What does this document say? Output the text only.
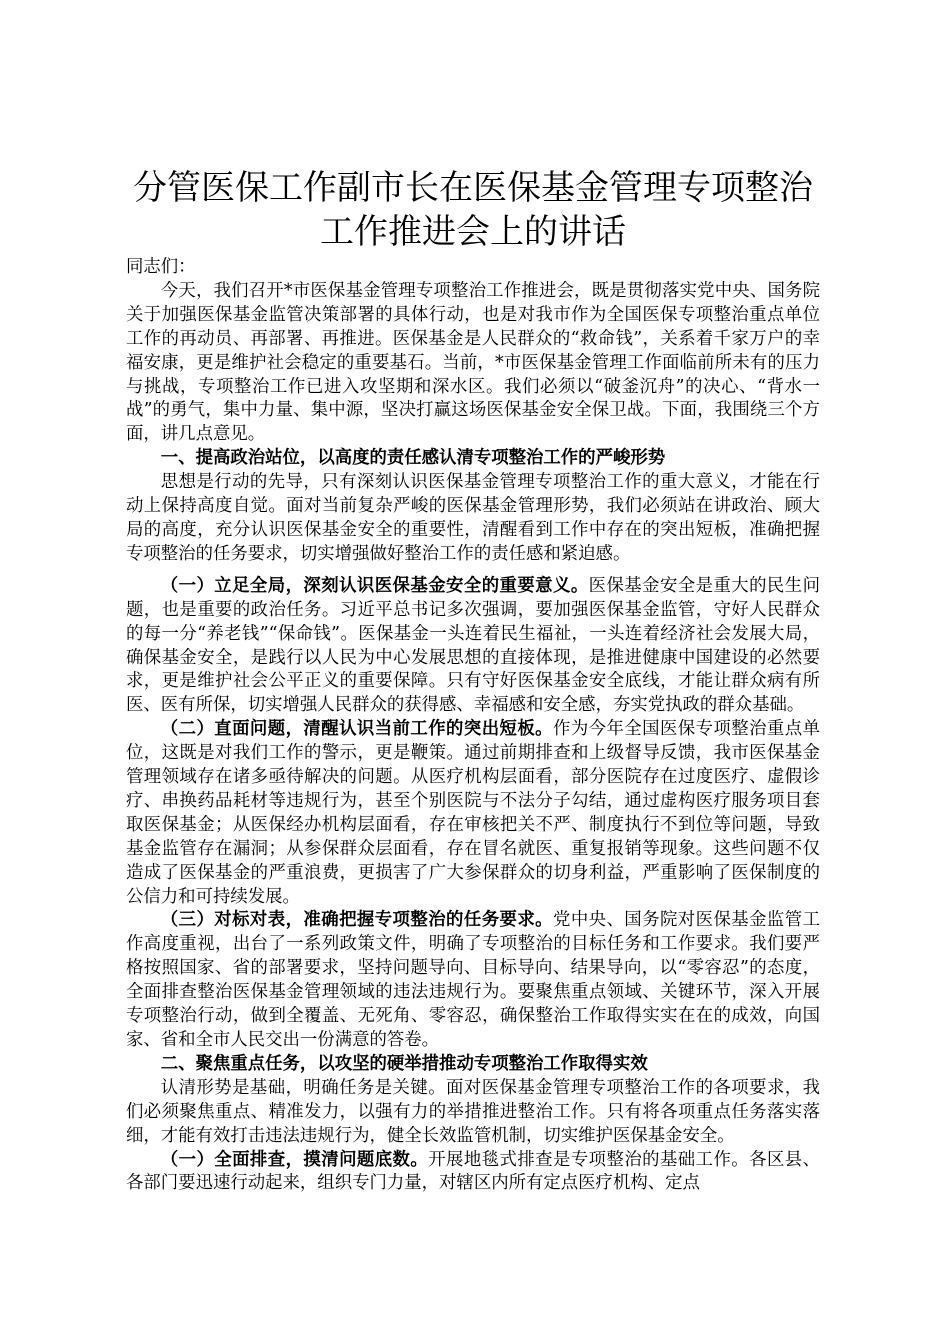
分管医保工作副市长在医保基金管理专项整治
工作推进会上的讲话

同志们：

今天，我们召开*市医保基金管理专项整治工作推进会，既是贯彻落实党中央、国务院关于加强医保基金监管决策部署的具体行动，也是对我市作为全国医保专项整治重点单位工作的再动员、再部署、再推进。医保基金是人民群众的“救命钱”，关系着千家万户的幸福安康，更是维护社会稳定的重要基石。当前，*市医保基金管理工作面临前所未有的压力与挑战，专项整治工作已进入攻坚期和深水区。我们必须以“破釜沉舟”的决心、“背水一战”的勇气，集中力量、集中源，坚决打赢这场医保基金安全保卫战。下面，我围绕三个方面，讲几点意见。

一、提高政治站位，以高度的责任感认清专项整治工作的严峻形势

思想是行动的先导，只有深刻认识医保基金管理专项整治工作的重大意义，才能在行动上保持高度自觉。面对当前复杂严峻的医保基金管理形势，我们必须站在讲政治、顾大局的高度，充分认识医保基金安全的重要性，清醒看到工作中存在的突出短板，准确把握专项整治的任务要求，切实增强做好整治工作的责任感和紧迫感。

（一）立足全局，深刻认识医保基金安全的重要意义。医保基金安全是重大的民生问题，也是重要的政治任务。习近平总书记多次强调，要加强医保基金监管，守好人民群众的每一分“养老钱”“保命钱”。医保基金一头连着民生福祉，一头连着经济社会发展大局，确保基金安全，是践行以人民为中心发展思想的直接体现，是推进健康中国建设的必然要求，更是维护社会公平正义的重要保障。只有守好医保基金安全底线，才能让群众病有所医、医有所保，切实增强人民群众的获得感、幸福感和安全感，夯实党执政的群众基础。

（二）直面问题，清醒认识当前工作的突出短板。作为今年全国医保专项整治重点单位，这既是对我们工作的警示，更是鞭策。通过前期排查和上级督导反馈，我市医保基金管理领域存在诸多亟待解决的问题。从医疗机构层面看，部分医院存在过度医疗、虚假诊疗、串换药品耗材等违规行为，甚至个别医院与不法分子勾结，通过虚构医疗服务项目套取医保基金；从医保经办机构层面看，存在审核把关不严、制度执行不到位等问题，导致基金监管存在漏洞；从参保群众层面看，存在冒名就医、重复报销等现象。这些问题不仅造成了医保基金的严重浪费，更损害了广大参保群众的切身利益，严重影响了医保制度的公信力和可持续发展。

（三）对标对表，准确把握专项整治的任务要求。党中央、国务院对医保基金监管工作高度重视，出台了一系列政策文件，明确了专项整治的目标任务和工作要求。我们要严格按照国家、省的部署要求，坚持问题导向、目标导向、结果导向，以“零容忍”的态度，全面排查整治医保基金管理领域的违法违规行为。要聚焦重点领域、关键环节，深入开展专项整治行动，做到全覆盖、无死角、零容忍，确保整治工作取得实实在在的成效，向国家、省和全市人民交出一份满意的答卷。

二、聚焦重点任务，以攻坚的硬举措推动专项整治工作取得实效

认清形势是基础，明确任务是关键。面对医保基金管理专项整治工作的各项要求，我们必须聚焦重点、精准发力，以强有力的举措推进整治工作。只有将各项重点任务落实落细，才能有效打击违法违规行为，健全长效监管机制，切实维护医保基金安全。

（一）全面排查，摸清问题底数。开展地毯式排查是专项整治的基础工作。各区县、各部门要迅速行动起来，组织专门力量，对辖区内所有定点医疗机构、定点
